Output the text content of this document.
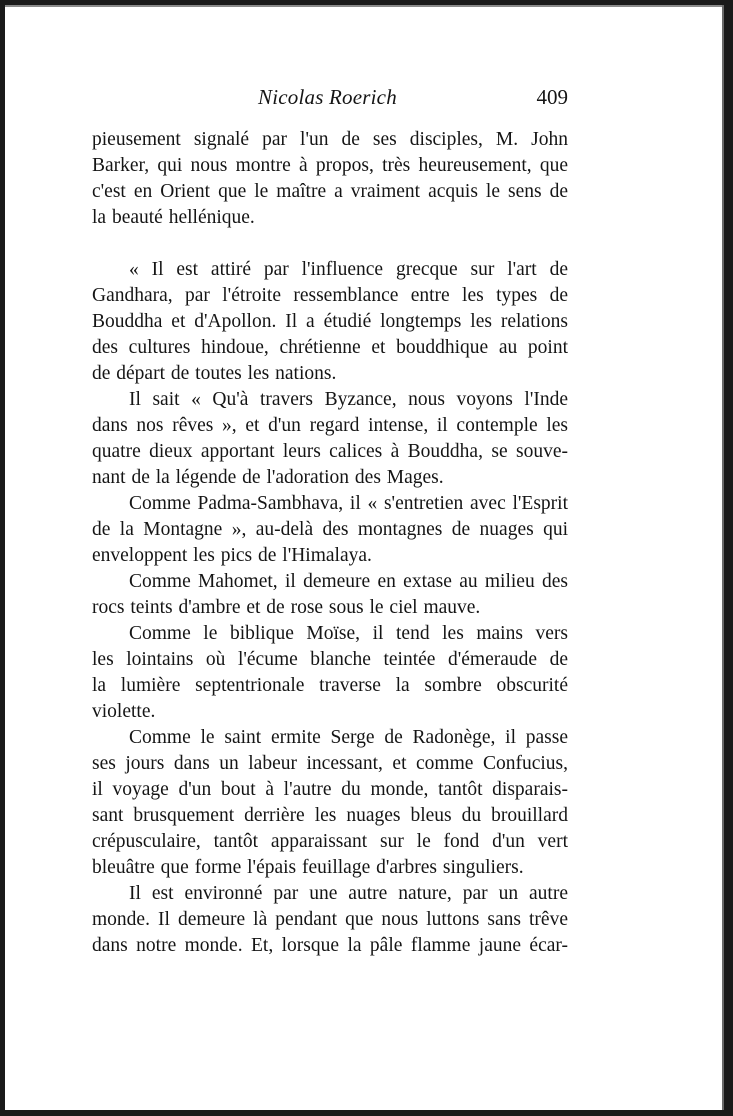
Nicolas Roerich	409
pieusement signalé par l'un de ses disciples, M. John
Barker, qui nous montre à propos, très heureusement, que
c'est en Orient que le maître a vraiment acquis le sens de
la beauté hellénique.
« Il est attiré par l'influence grecque sur l'art de
Gandhara, par l'étroite ressemblance entre les types de
Bouddha et d'Apollon. Il a étudié longtemps les relations
des cultures hindoue, chrétienne et bouddhique au point
de départ de toutes les nations.
Il sait « Qu'à travers Byzance, nous voyons l'Inde
dans nos rêves », et d'un regard intense, il contemple les
quatre dieux apportant leurs calices à Bouddha, se souve-
nant de la légende de l'adoration des Mages.
Comme Padma-Sambhava, il « s'entretien avec l'Esprit
de la Montagne », au-delà des montagnes de nuages qui
enveloppent les pics de l'Himalaya.
Comme Mahomet, il demeure en extase au milieu des
rocs teints d'ambre et de rose sous le ciel mauve.
Comme le biblique Moïse, il tend les mains vers
les lointains où l'écume blanche teintée d'émeraude de
la lumière septentrionale traverse la sombre obscurité
violette.
Comme le saint ermite Serge de Radonège, il passe
ses jours dans un labeur incessant, et comme Confucius,
il voyage d'un bout à l'autre du monde, tantôt disparais-
sant brusquement derrière les nuages bleus du brouillard
crépusculaire, tantôt apparaissant sur le fond d'un vert
bleuâtre que forme l'épais feuillage d'arbres singuliers.
Il est environné par une autre nature, par un autre
monde. Il demeure là pendant que nous luttons sans trêve
dans notre monde. Et, lorsque la pâle flamme jaune écar-
